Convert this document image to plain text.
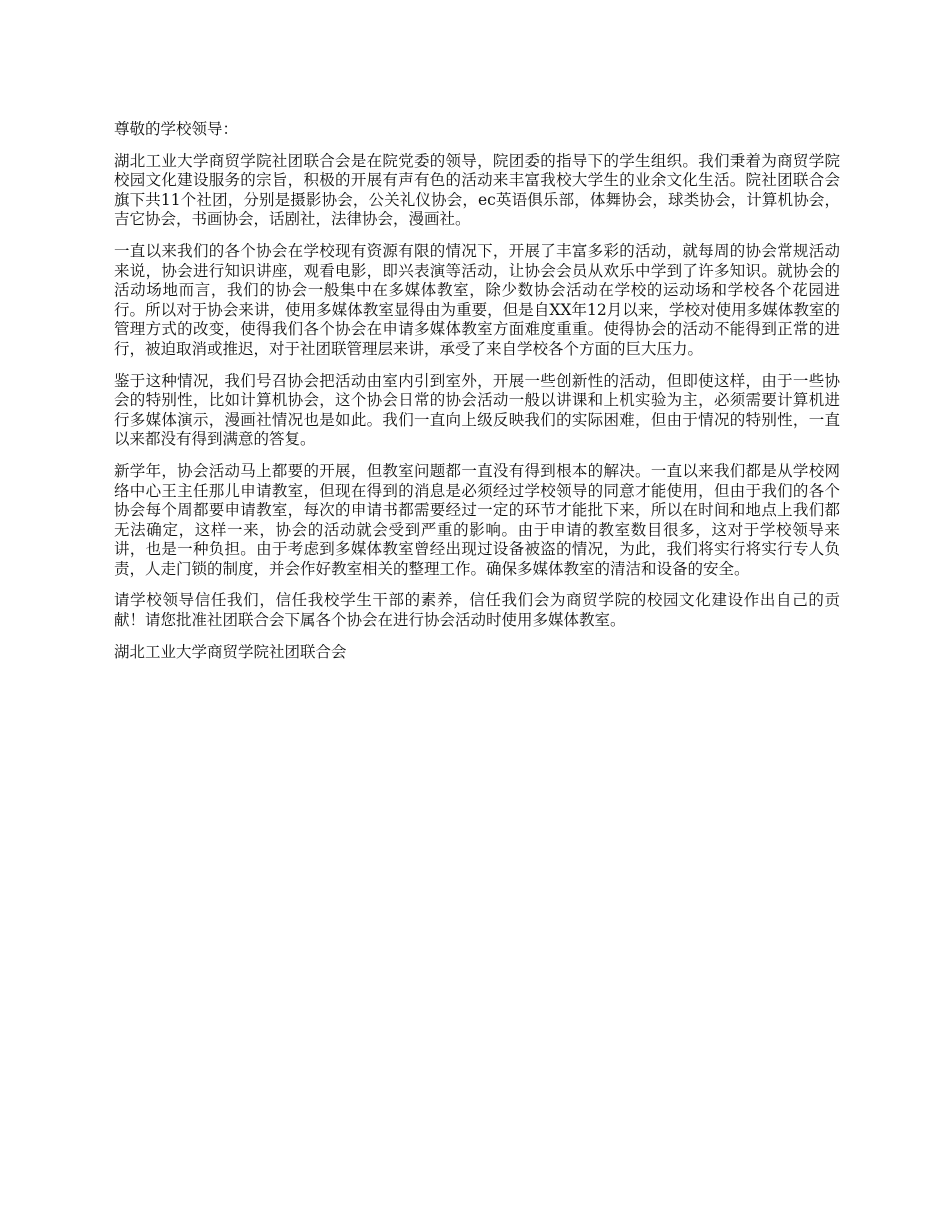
尊敬的学校领导：

湖北工业大学商贸学院社团联合会是在院党委的领导，院团委的指导下的学生组织。我们秉着为商贸学院校园文化建设服务的宗旨，积极的开展有声有色的活动来丰富我校大学生的业余文化生活。院社团联合会旗下共11个社团，分别是摄影协会，公关礼仪协会，ec英语俱乐部，体舞协会，球类协会，计算机协会，吉它协会，书画协会，话剧社，法律协会，漫画社。

一直以来我们的各个协会在学校现有资源有限的情况下，开展了丰富多彩的活动，就每周的协会常规活动来说，协会进行知识讲座，观看电影，即兴表演等活动，让协会会员从欢乐中学到了许多知识。就协会的活动场地而言，我们的协会一般集中在多媒体教室，除少数协会活动在学校的运动场和学校各个花园进行。所以对于协会来讲，使用多媒体教室显得由为重要，但是自XX年12月以来，学校对使用多媒体教室的管理方式的改变，使得我们各个协会在申请多媒体教室方面难度重重。使得协会的活动不能得到正常的进行，被迫取消或推迟，对于社团联管理层来讲，承受了来自学校各个方面的巨大压力。

鉴于这种情况，我们号召协会把活动由室内引到室外，开展一些创新性的活动，但即使这样，由于一些协会的特别性，比如计算机协会，这个协会日常的协会活动一般以讲课和上机实验为主，必须需要计算机进行多媒体演示，漫画社情况也是如此。我们一直向上级反映我们的实际困难，但由于情况的特别性，一直以来都没有得到满意的答复。

新学年，协会活动马上都要的开展，但教室问题都一直没有得到根本的解决。一直以来我们都是从学校网络中心王主任那儿申请教室，但现在得到的消息是必须经过学校领导的同意才能使用，但由于我们的各个协会每个周都要申请教室，每次的申请书都需要经过一定的环节才能批下来，所以在时间和地点上我们都无法确定，这样一来，协会的活动就会受到严重的影响。由于申请的教室数目很多，这对于学校领导来讲，也是一种负担。由于考虑到多媒体教室曾经出现过设备被盗的情况，为此，我们将实行将实行专人负责，人走门锁的制度，并会作好教室相关的整理工作。确保多媒体教室的清洁和设备的安全。

请学校领导信任我们，信任我校学生干部的素养，信任我们会为商贸学院的校园文化建设作出自己的贡献！请您批准社团联合会下属各个协会在进行协会活动时使用多媒体教室。

湖北工业大学商贸学院社团联合会
